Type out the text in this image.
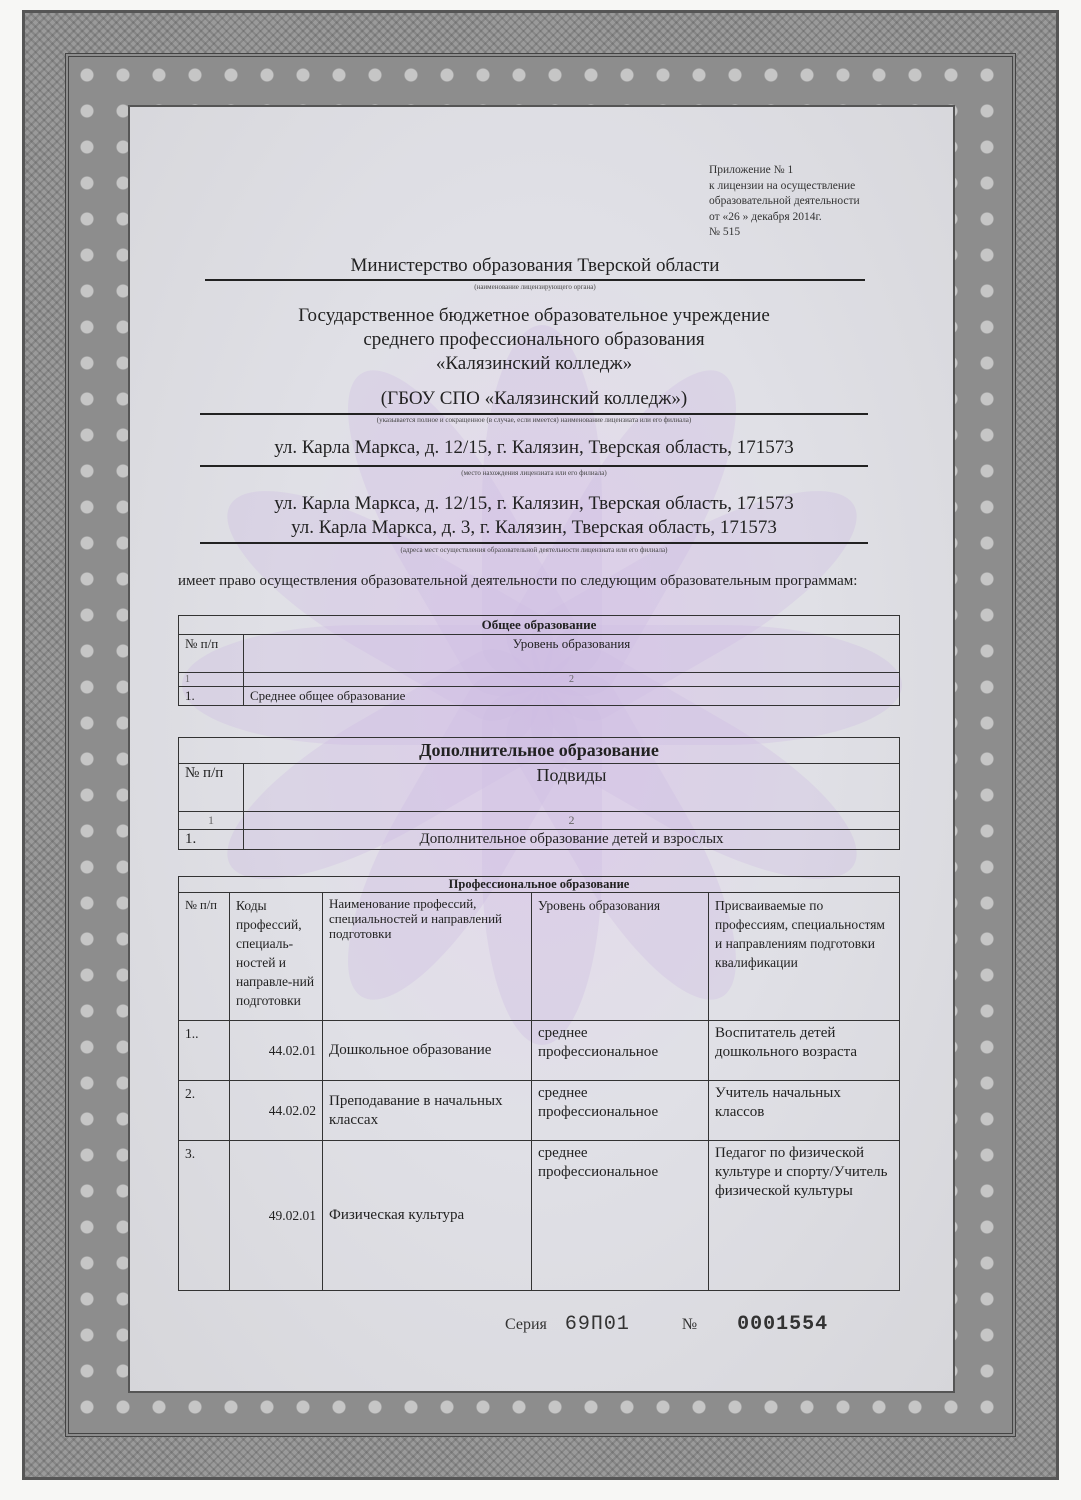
Приложение № 1
к лицензии на осуществление
образовательной деятельности
от «26 » декабря 2014г.
№ 515
Министерство образования Тверской области
(наименование лицензирующего органа)
Государственное бюджетное образовательное учреждение
среднего профессионального образования
«Калязинский колледж»
(ГБОУ СПО «Калязинский колледж»)
(указывается полное и сокращенное (в случае, если имеется) наименование лицензиата или его филиала)
ул. Карла Маркса, д. 12/15, г. Калязин, Тверская область, 171573
(место нахождения лицензиата или его филиала)
ул. Карла Маркса, д. 12/15, г. Калязин, Тверская область, 171573
ул. Карла Маркса, д. 3, г. Калязин, Тверская область, 171573
(адреса мест осуществления образовательной деятельности лицензиата или его филиала)
имеет право осуществления образовательной деятельности по следующим образовательным программам:
Общее образование	
№ п/п	Уровень образования
1	2
1.	Среднее общее образование
Дополнительное образование	
№ п/п	Подвиды
1	2
1.	Дополнительное образование детей и взрослых
Профессиональное образование				
№ п/п	Коды профессий, специаль-ностей и направле-ний подготовки	Наименование профессий, специальностей и направлений подготовки	Уровень образования	Присваиваемые по профессиям, специальностям и направлениям подготовки квалификации
1..	44.02.01	Дошкольное образование	среднее профессиональное	Воспитатель детей дошкольного возраста
2.	44.02.02	Преподавание в начальных классах	среднее профессиональное	Учитель начальных классов
3.	49.02.01	Физическая культура	среднее профессиональное	Педагог по физической культуре и спорту/Учитель физической культуры
Серия 69П01	№ 0001554
